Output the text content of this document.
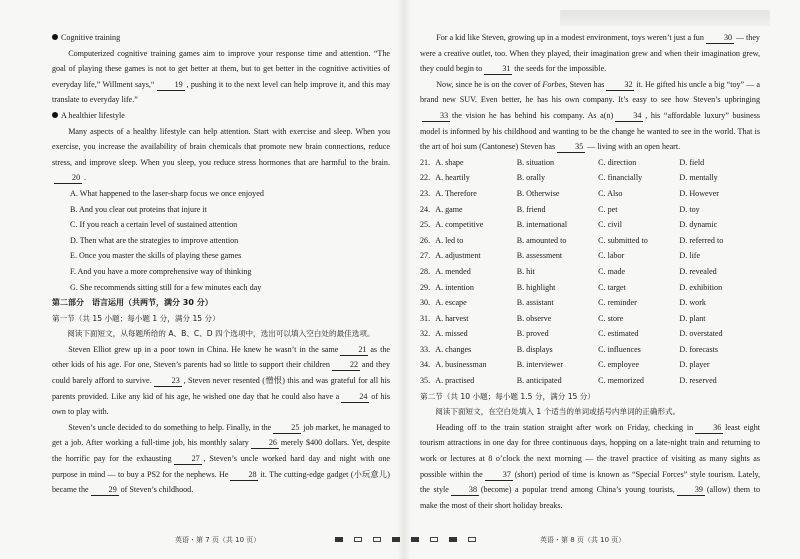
Cognitive training

Computerized cognitive training games aim to improve your response time and attention. “The goal of playing these games is not to get better at them, but to get better in the cognitive activities of everyday life,” Willment says,“ 19 , pushing it to the next level can help improve it, and this may translate to everyday life.”

A healthier lifestyle

Many aspects of a healthy lifestyle can help attention. Start with exercise and sleep. When you exercise, you increase the availability of brain chemicals that promote new brain connections, reduce stress, and improve sleep. When you sleep, you reduce stress hormones that are harmful to the brain.20 .

A. What happened to the laser-sharp focus we once enjoyed

B. And you clear out proteins that injure it

C. If you reach a certain level of sustained attention

D. Then what are the strategies to improve attention

E. Once you master the skills of playing these games

F. And you have a more comprehensive way of thinking

G. She recommends sitting still for a few minutes each day

第二部分　语言运用（共两节，满分 30 分）

第一节（共 15 小题；每小题 1 分，满分 15 分）

阅读下面短文，从每题所给的 A、B、C、D 四个选项中，选出可以填入空白处的最佳选项。

Steven Elliot grew up in a poor town in China. He knew he wasn’t in the same 21 as the other kids of his age. For one, Steven’s parents had so little to support their children 22 and they could barely afford to survive. 23 , Steven never resented (憎恨) this and was grateful for all his parents provided. Like any kid of his age, he wished one day that he could also have a 24 of his own to play with.

Steven’s uncle decided to do something to help. Finally, in the 25 job market, he managed to get a job. After working a full-time job, his monthly salary 26 merely $400 dollars. Yet, despite the horrific pay for the exhausting 27 , Steven’s uncle worked hard day and night with one purpose in mind — to buy a PS2 for the nephews. He 28 it. The cutting-edge gadget (小玩意儿) became the 29 of Steven’s childhood.

英语・第 7 页（共 10 页）

For a kid like Steven, growing up in a modest environment, toys weren’t just a fun 30 — they were a creative outlet, too. When they played, their imagination grew and when their imagination grew, they could begin to 31 the seeds for the impossible.

Now, since he is on the cover of Forbes, Steven has 32 it. He gifted his uncle a big “toy” — a brand new SUV. Even better, he has his own company. It’s easy to see how Steven’s upbringing33 the vision he has behind his company. As a(n) 34 , his “affordable luxury” business model is informed by his childhood and wanting to be the change he wanted to see in the world. That is the art of hoi sum (Cantonese) Steven has 35 — living with an open heart.

21.	A. shape	B. situation	C. direction	D. field
22.	A. heartily	B. orally	C. financially	D. mentally
23.	A. Therefore	B. Otherwise	C. Also	D. However
24.	A. game	B. friend	C. pet	D. toy
25.	A. competitive	B. international	C. civil	D. dynamic
26.	A. led to	B. amounted to	C. submitted to	D. referred to
27.	A. adjustment	B. assessment	C. labor	D. life
28.	A. mended	B. hit	C. made	D. revealed
29.	A. intention	B. highlight	C. target	D. exhibition
30.	A. escape	B. assistant	C. reminder	D. work
31.	A. harvest	B. observe	C. store	D. plant
32.	A. missed	B. proved	C. estimated	D. overstated
33.	A. changes	B. displays	C. influences	D. forecasts
34.	A. businessman	B. interviewer	C. employee	D. player
35.	A. practised	B. anticipated	C. memorized	D. reserved

第二节（共 10 小题；每小题 1.5 分，满分 15 分）

阅读下面短文，在空白处填入 1 个适当的单词或括号内单词的正确形式。

Heading off to the train station straight after work on Friday, checking in 36 least eight tourism attractions in one day for three continuous days, hopping on a late-night train and returning to work or lectures at 8 o’clock the next morning — the travel practice of visiting as many sights as possible within the 37 (short) period of time is known as “Special Forces” style tourism. Lately, the style 38 (become) a popular trend among China’s young tourists, 39 (allow) them to make the most of their short holiday breaks.

英语・第 8 页（共 10 页）
